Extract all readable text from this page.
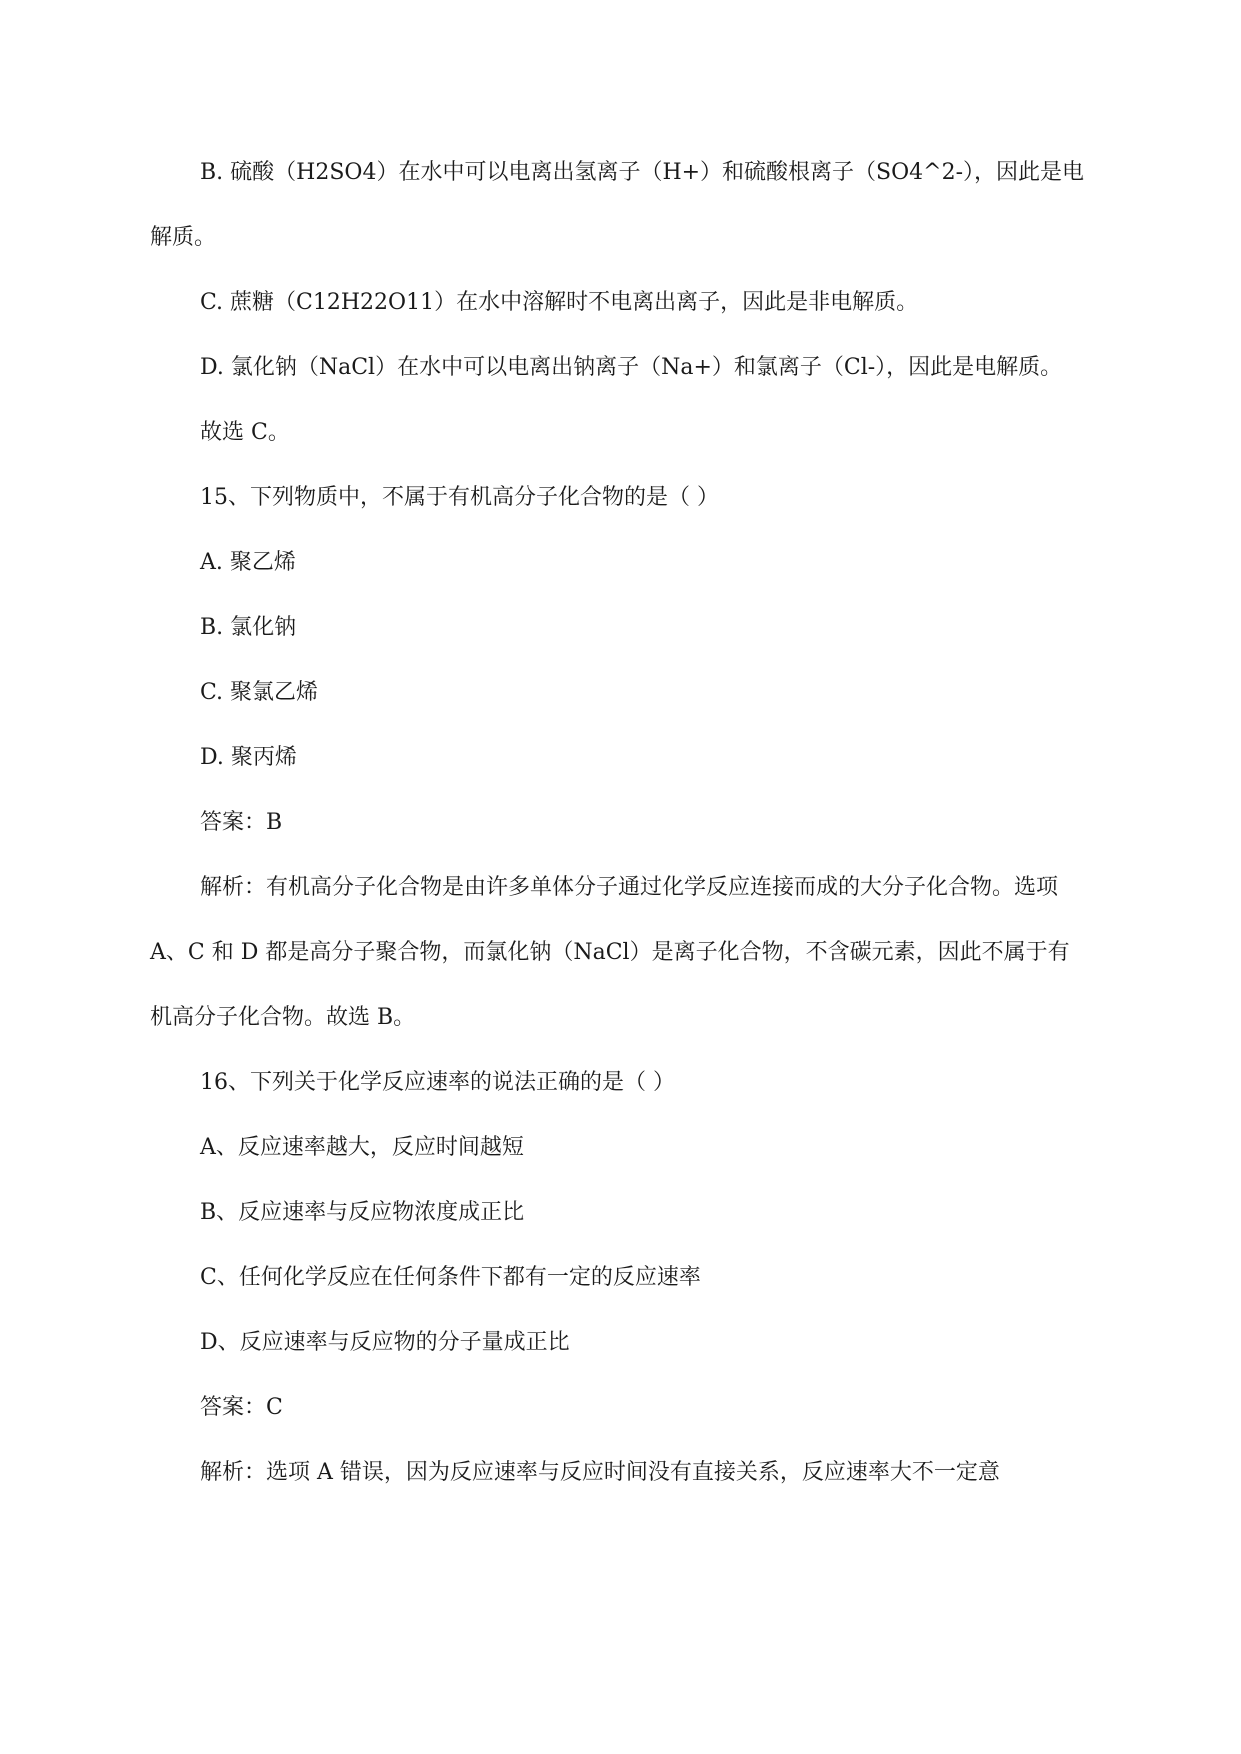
B. 硫酸（H2SO4）在水中可以电离出氢离子（H+）和硫酸根离子（SO4^2-），因此是电解质。

C. 蔗糖（C12H22O11）在水中溶解时不电离出离子，因此是非电解质。

D. 氯化钠（NaCl）在水中可以电离出钠离子（Na+）和氯离子（Cl-），因此是电解质。

故选 C。

15、下列物质中，不属于有机高分子化合物的是（ ）

A. 聚乙烯

B. 氯化钠

C. 聚氯乙烯

D. 聚丙烯

答案：B

解析：有机高分子化合物是由许多单体分子通过化学反应连接而成的大分子化合物。选项 A、C 和 D 都是高分子聚合物，而氯化钠（NaCl）是离子化合物，不含碳元素，因此不属于有机高分子化合物。故选 B。

16、下列关于化学反应速率的说法正确的是（ ）

A、反应速率越大，反应时间越短

B、反应速率与反应物浓度成正比

C、任何化学反应在任何条件下都有一定的反应速率

D、反应速率与反应物的分子量成正比

答案：C

解析：选项 A 错误，因为反应速率与反应时间没有直接关系，反应速率大不一定意
